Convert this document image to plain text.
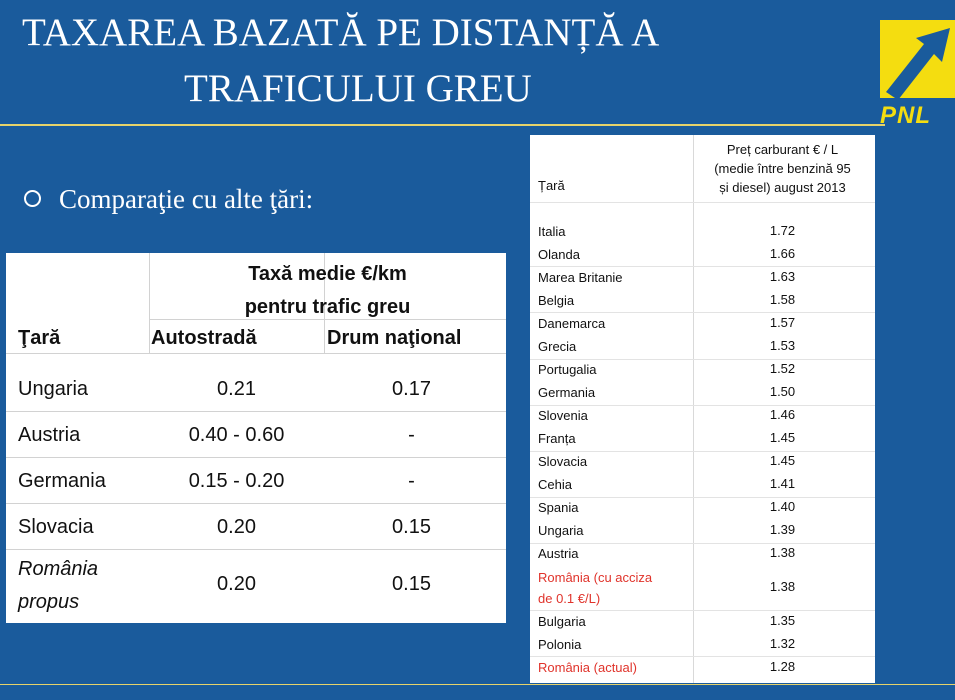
TAXAREA BAZATĂ PE DISTANȚĂ A
TRAFICULUI GREU
PNL
Comparaţie cu alte ţări:
Taxă medie €/km
pentru trafic greu
Ţară	Autostradă	Drum naţional
Ungaria	0.21	0.17
Austria	0.40 - 0.60	-
Germania	0.15 - 0.20	-
Slovacia	0.20	0.15
România
propus
0.20	0.15
Preț carburant € / L
(medie între benzină 95
și diesel) august 2013
Țară
Italia	1.72
Olanda	1.66
Marea Britanie	1.63
Belgia	1.58
Danemarca	1.57
Grecia	1.53
Portugalia	1.52
Germania	1.50
Slovenia	1.46
Franța	1.45
Slovacia	1.45
Cehia	1.41
Spania	1.40
Ungaria	1.39
Austria	1.38
România (cu acciza
de 0.1 €/L)
1.38
Bulgaria	1.35
Polonia	1.32
România (actual)	1.28
